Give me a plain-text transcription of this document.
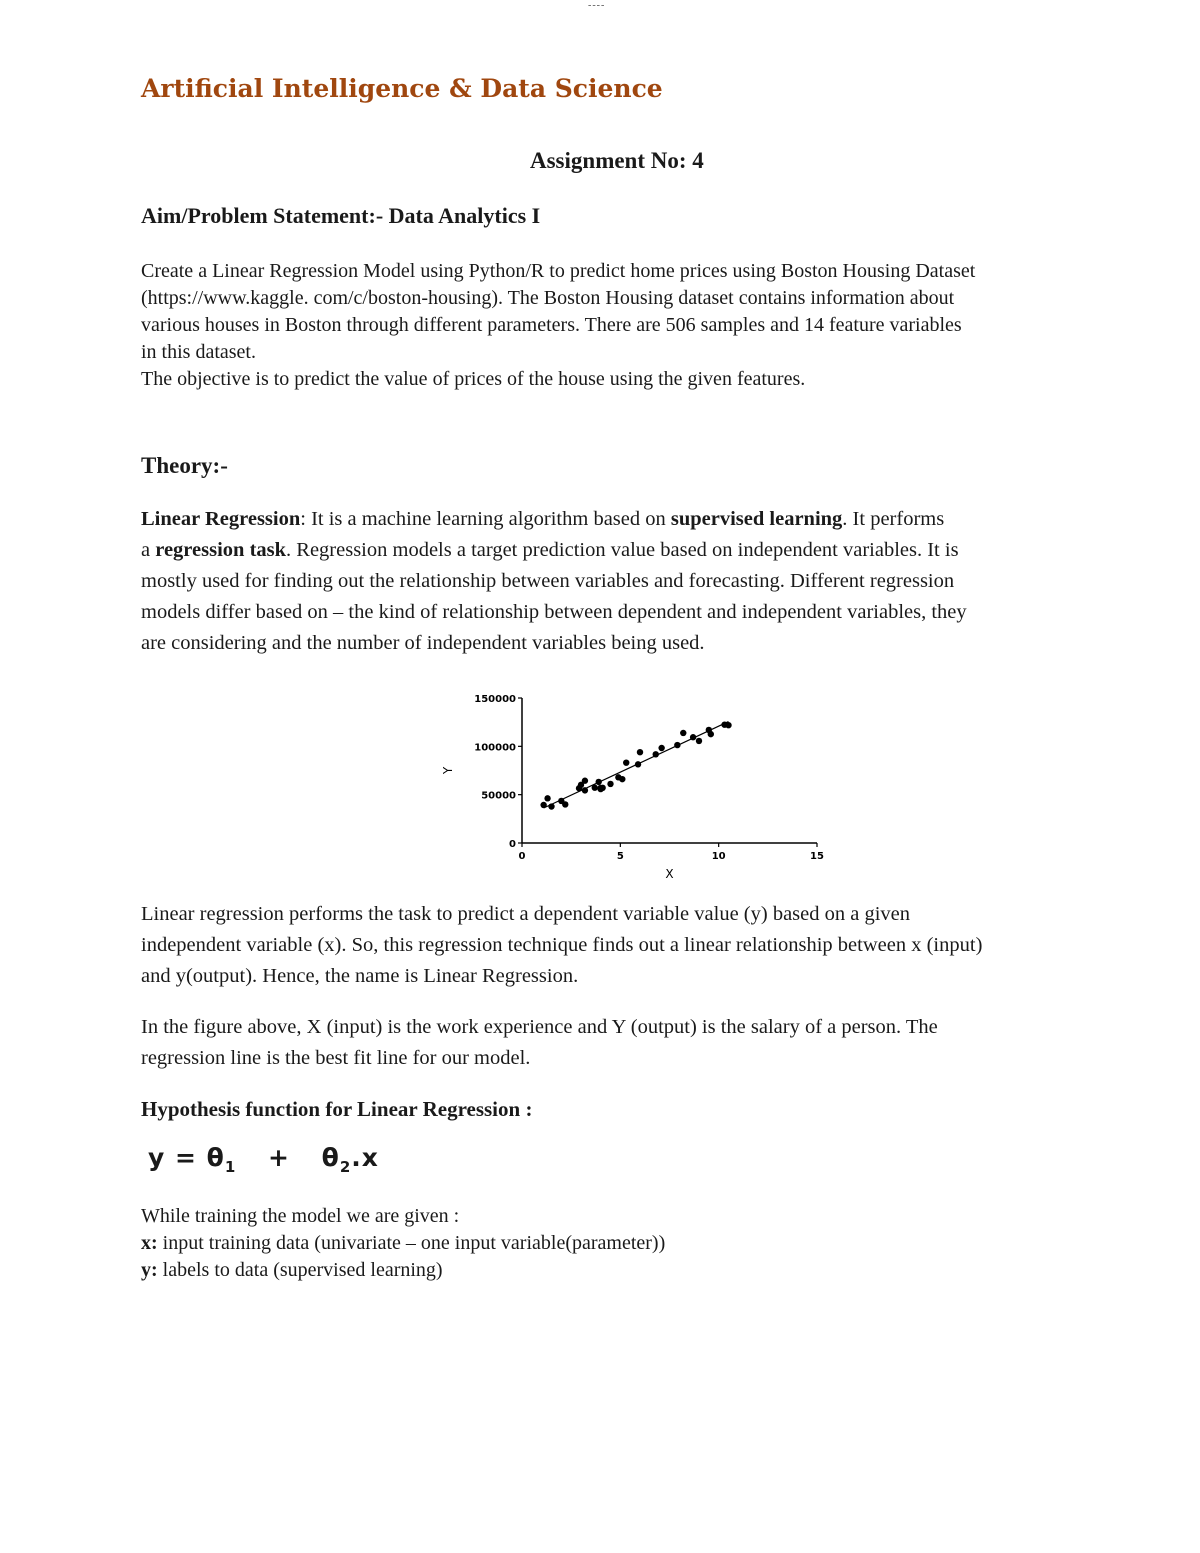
----
Artificial Intelligence & Data Science
Assignment No: 4
Aim/Problem Statement:- Data Analytics I
Create a Linear Regression Model using Python/R to predict home prices using Boston Housing Dataset
(https://www.kaggle. com/c/boston-housing). The Boston Housing dataset contains information about
various houses in Boston through different parameters. There are 506 samples and 14 feature variables
in this dataset.
The objective is to predict the value of prices of the house using the given features.
Theory:-
Linear Regression: It is a machine learning algorithm based on supervised learning. It performs
a regression task. Regression models a target prediction value based on independent variables. It is
mostly used for finding out the relationship between variables and forecasting. Different regression
models differ based on – the kind of relationship between dependent and independent variables, they
are considering and the number of independent variables being used.
0	5	10	15
0
50000
100000
150000
X
Y
Linear regression performs the task to predict a dependent variable value (y) based on a given
independent variable (x). So, this regression technique finds out a linear relationship between x (input)
and y(output). Hence, the name is Linear Regression.
In the figure above, X (input) is the work experience and Y (output) is the salary of a person. The
regression line is the best fit line for our model.
Hypothesis function for Linear Regression :
$y = \theta_1 + \theta_2.x$
While training the model we are given :
x: input training data (univariate – one input variable(parameter))
y: labels to data (supervised learning)
